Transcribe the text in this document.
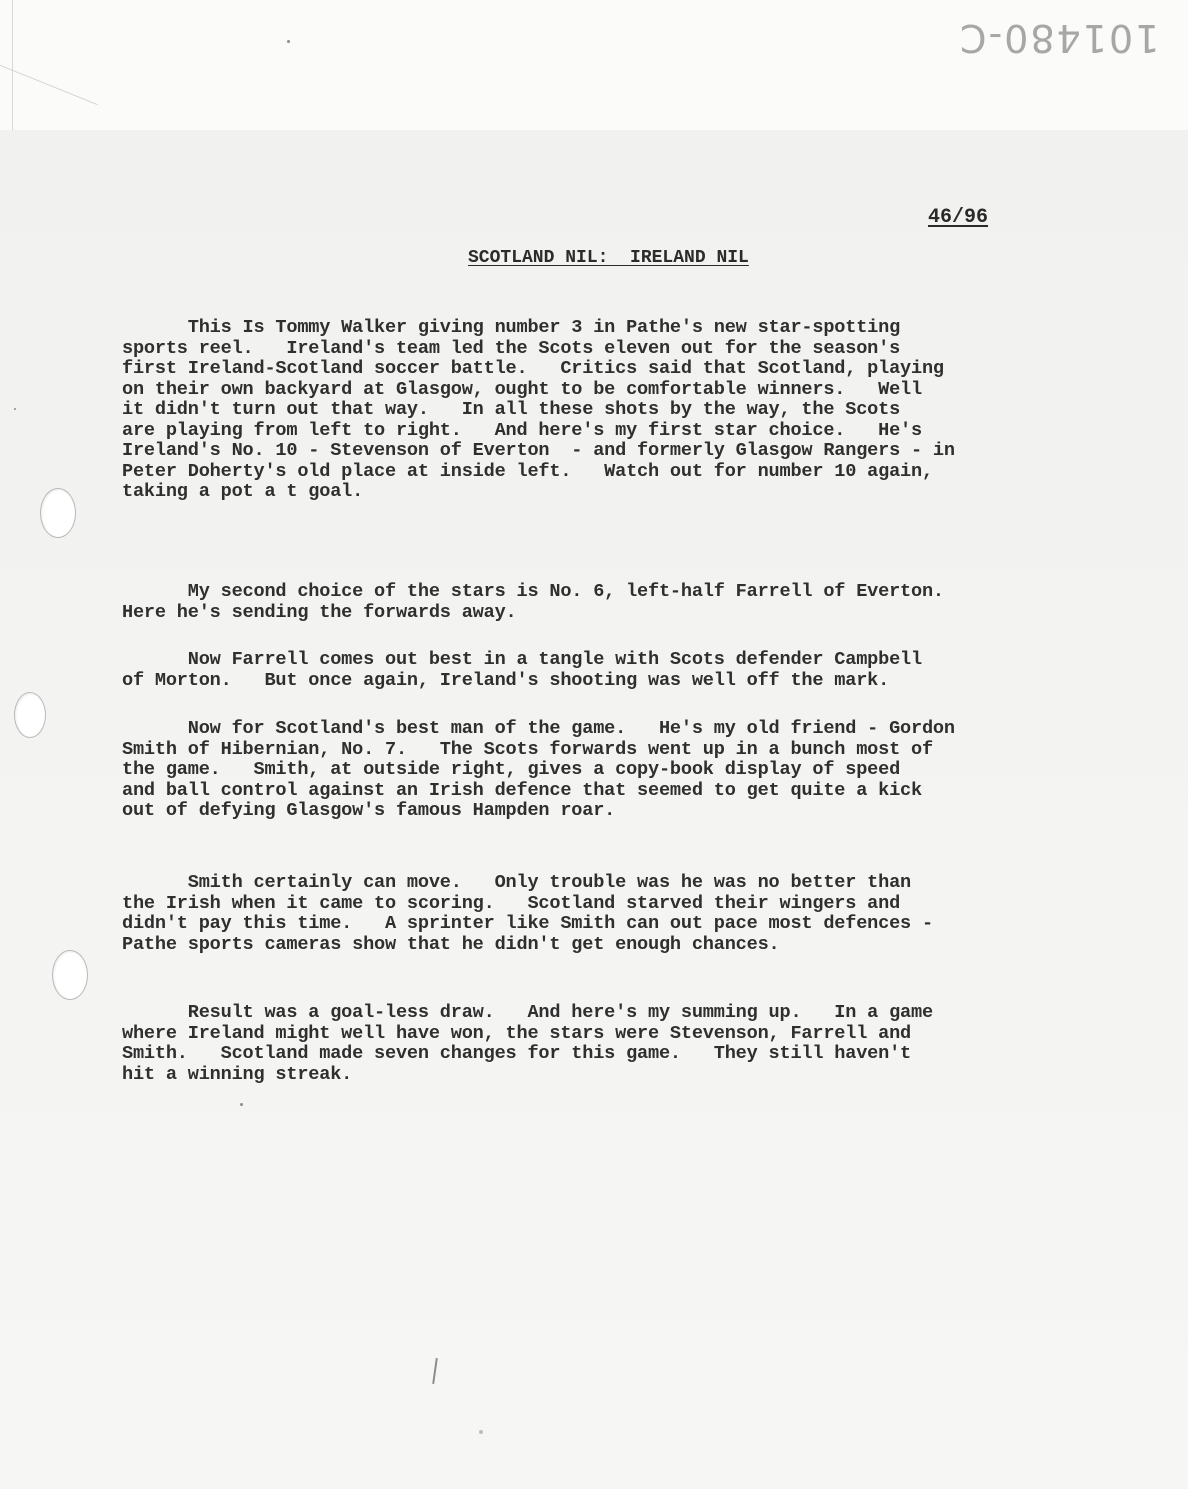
101480-C
46/96
SCOTLAND NIL:  IRELAND NIL

This Is Tommy Walker giving number 3 in Pathe's new star-spotting
sports reel.   Ireland's team led the Scots eleven out for the season's
first Ireland-Scotland soccer battle.   Critics said that Scotland, playing
on their own backyard at Glasgow, ought to be comfortable winners.   Well
it didn't turn out that way.   In all these shots by the way, the Scots
are playing from left to right.   And here's my first star choice.   He's
Ireland's No. 10 - Stevenson of Everton  - and formerly Glasgow Rangers - in
Peter Doherty's old place at inside left.   Watch out for number 10 again,
taking a pot a t goal.

My second choice of the stars is No. 6, left-half Farrell of Everton.
Here he's sending the forwards away.

Now Farrell comes out best in a tangle with Scots defender Campbell
of Morton.   But once again, Ireland's shooting was well off the mark.

Now for Scotland's best man of the game.   He's my old friend - Gordon
Smith of Hibernian, No. 7.   The Scots forwards went up in a bunch most of
the game.   Smith, at outside right, gives a copy-book display of speed
and ball control against an Irish defence that seemed to get quite a kick
out of defying Glasgow's famous Hampden roar.

Smith certainly can move.   Only trouble was he was no better than
the Irish when it came to scoring.   Scotland starved their wingers and
didn't pay this time.   A sprinter like Smith can out pace most defences -
Pathe sports cameras show that he didn't get enough chances.

Result was a goal-less draw.   And here's my summing up.   In a game
where Ireland might well have won, the stars were Stevenson, Farrell and
Smith.   Scotland made seven changes for this game.   They still haven't
hit a winning streak.
